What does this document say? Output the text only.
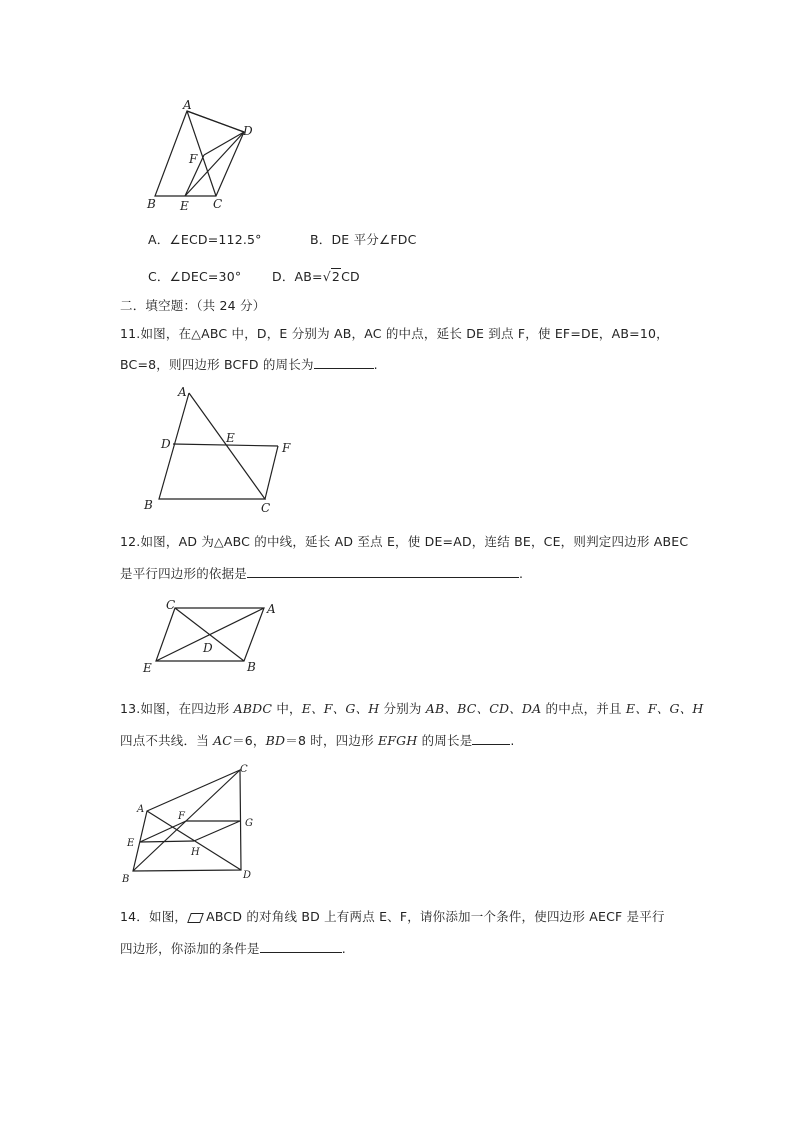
A
D
F
B E C
A．∠ECD=112.5°	B．DE 平分∠FDC
C．∠DEC=30° D．AB=√2CD
二．填空题：（共 24 分）
11.如图，在△ABC 中，D，E 分别为 AB，AC 的中点，延长 DE 到点 F，使 EF=DE，AB=10，
BC=8，则四边形 BCFD 的周长为	.
A
D	E
F
B	C
12.如图，AD 为△ABC 的中线，延长 AD 至点 E，使 DE=AD，连结 BE，CE，则判定四边形 ABEC
是平行四边形的依据是	.
C	A
D
E	B
13.如图，在四边形 ABDC 中，E、F、G、H 分别为 AB、BC、CD、DA 的中点，并且 E、F、G、H
四点不共线．当 AC＝6，BD＝8 时，四边形 EFGH 的周长是	.
C
A
F
G
E
H
B	D
14．如图， ABCD 的对角线 BD 上有两点 E、F，请你添加一个条件，使四边形 AECF 是平行
四边形，你添加的条件是	.
